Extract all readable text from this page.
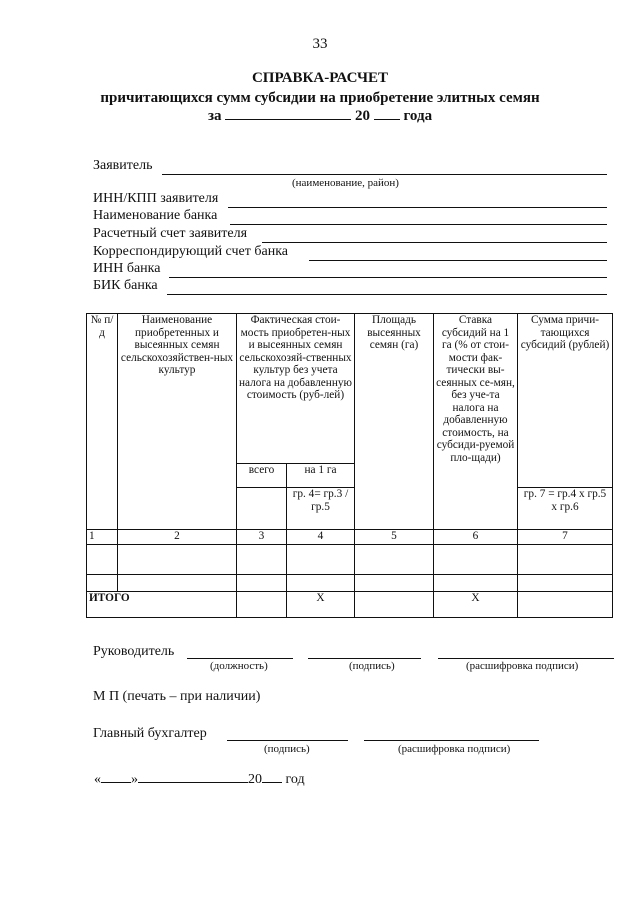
33
СПРАВКА-РАСЧЕТ
причитающихся сумм субсидии на приобретение элитных семян
за	20 года
Заявитель
(наименование, район)
ИНН/КПП заявителя
Наименование банка
Расчетный счет заявителя
Корреспондирующий счет банка
ИНН банка
БИК банка
№ п/д	Наименование приобретенных и высеянных семян сельскохозяйствен-ных культур	Фактическая стои-мость приобретен-ных и высеянных семян сельскохозяй-ственных культур без учета налога на добавленную стоимость (руб-лей)		Площадь высеянных семян (га)	Ставка субсидий на 1 га (% от стои-мости фак-тически вы-сеянных се-мян, без уче-та налога на добавленную стоимость, на субсиди-руемой пло-щади)	Сумма причи-тающихся субсидий (рублей)
		всего	на 1 га			
			гр. 4= гр.3 / гр.5			гр. 7 = гр.4 х гр.5 х гр.6
1	2	3	4	5	6	7

ИТОГО			Х		Х	
Руководитель
(должность)	(подпись)	(расшифровка подписи)
М П (печать – при наличии)
Главный бухгалтер
(подпись)	(расшифровка подписи)
« »	20 год
